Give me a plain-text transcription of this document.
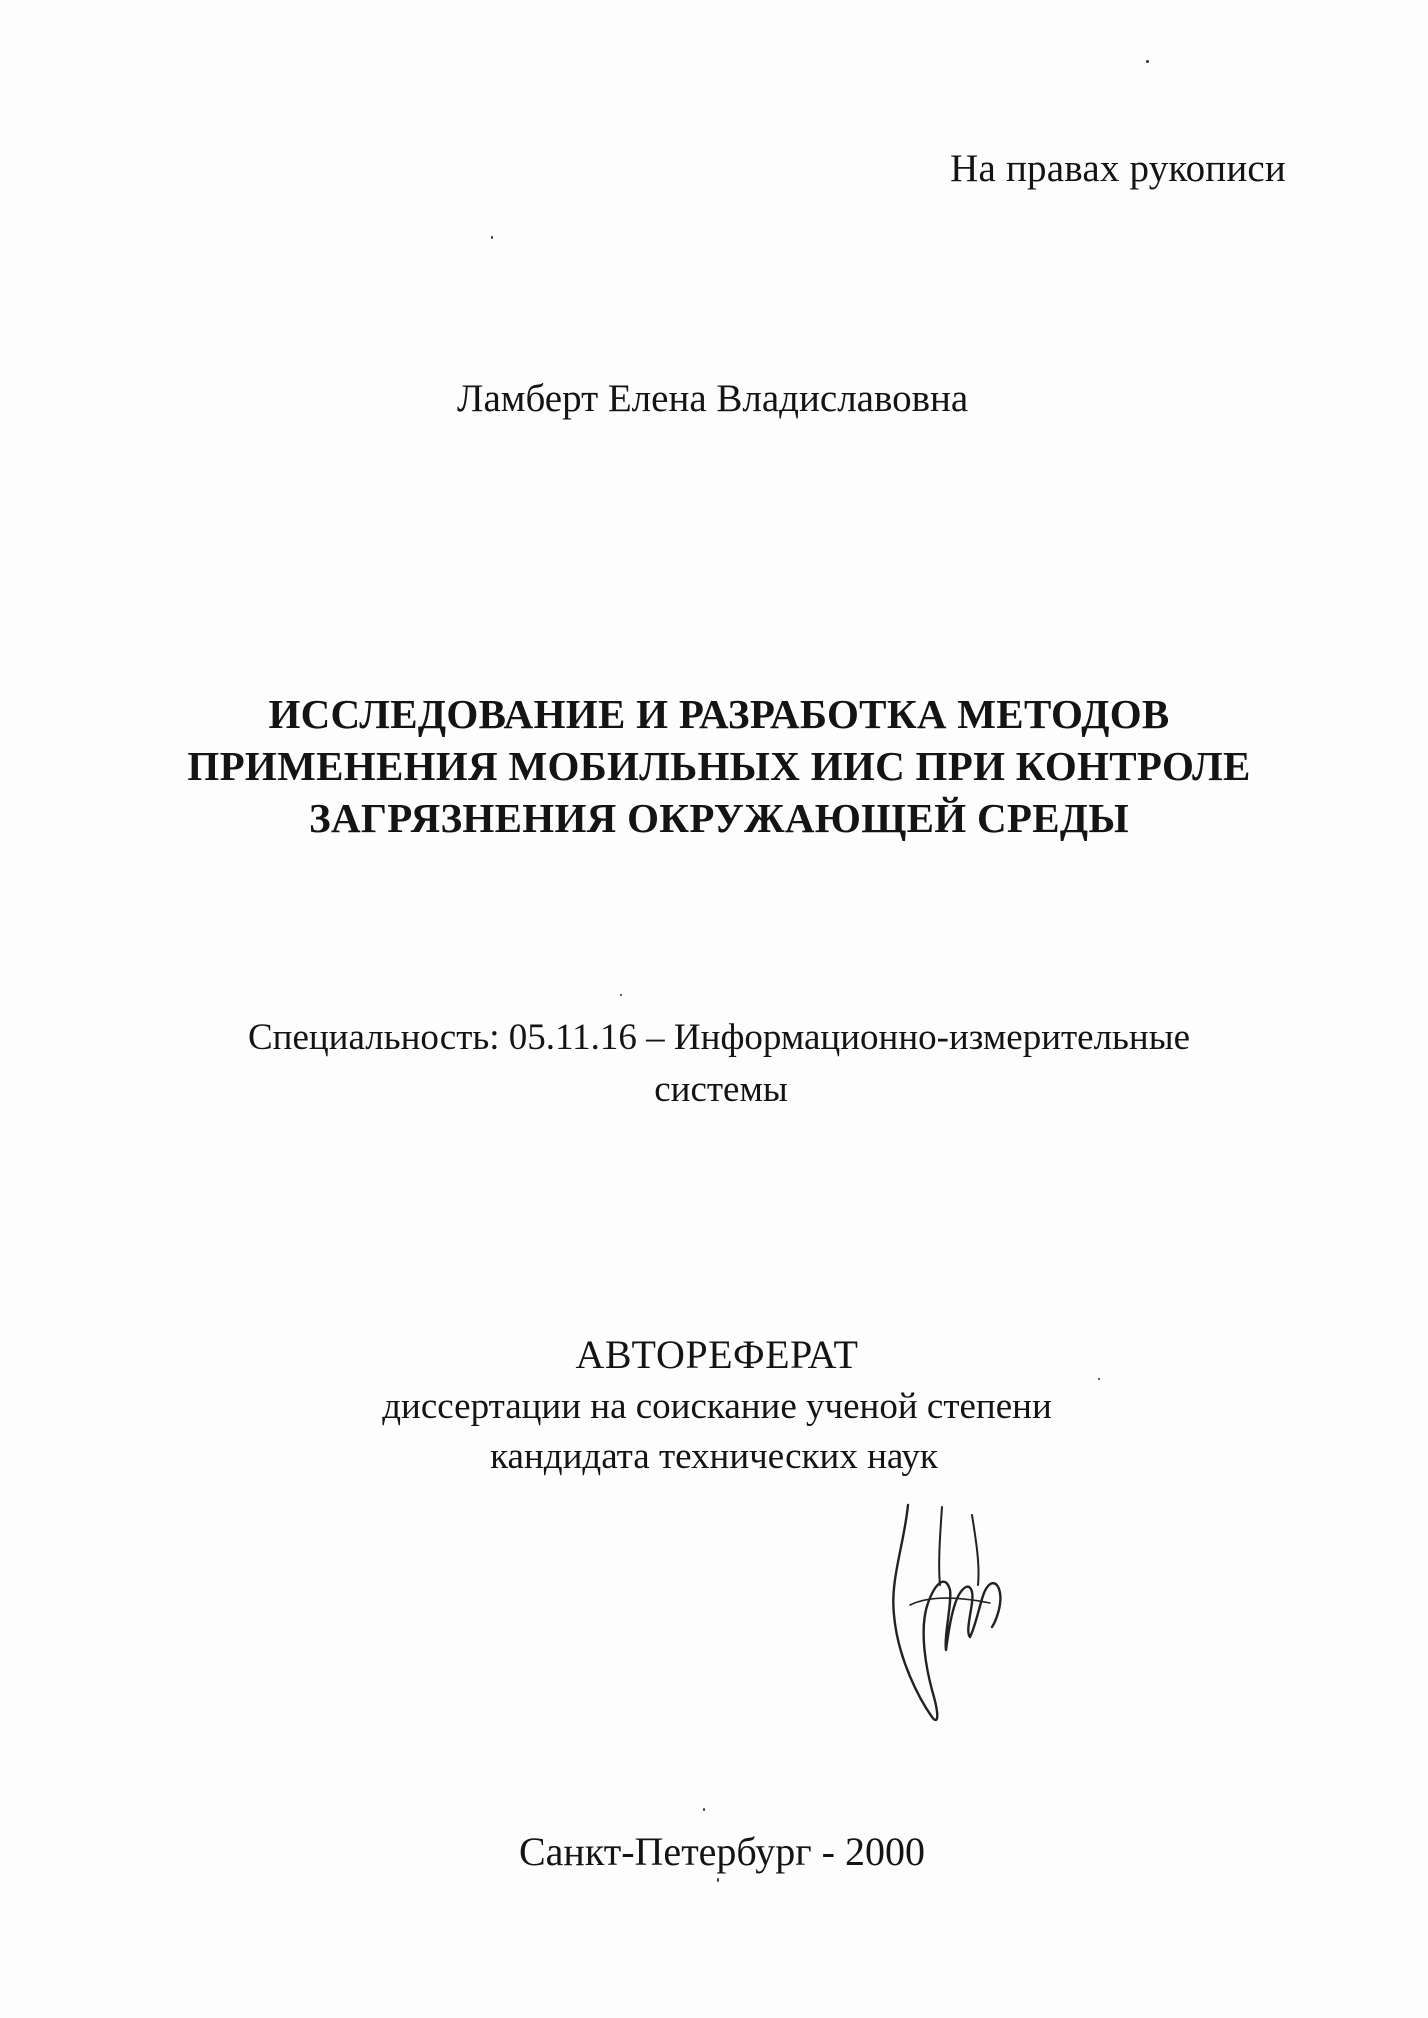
На правах рукописи
Ламберт Елена Владиславовна
ИССЛЕДОВАНИЕ И РАЗРАБОТКА МЕТОДОВ
ПРИМЕНЕНИЯ МОБИЛЬНЫХ ИИС ПРИ КОНТРОЛЕ
ЗАГРЯЗНЕНИЯ ОКРУЖАЮЩЕЙ СРЕДЫ
Специальность: 05.11.16 – Информационно-измерительные
системы
АВТОРЕФЕРАТ
диссертации на соискание ученой степени
кандидата технических наук
Санкт-Петербург - 2000
